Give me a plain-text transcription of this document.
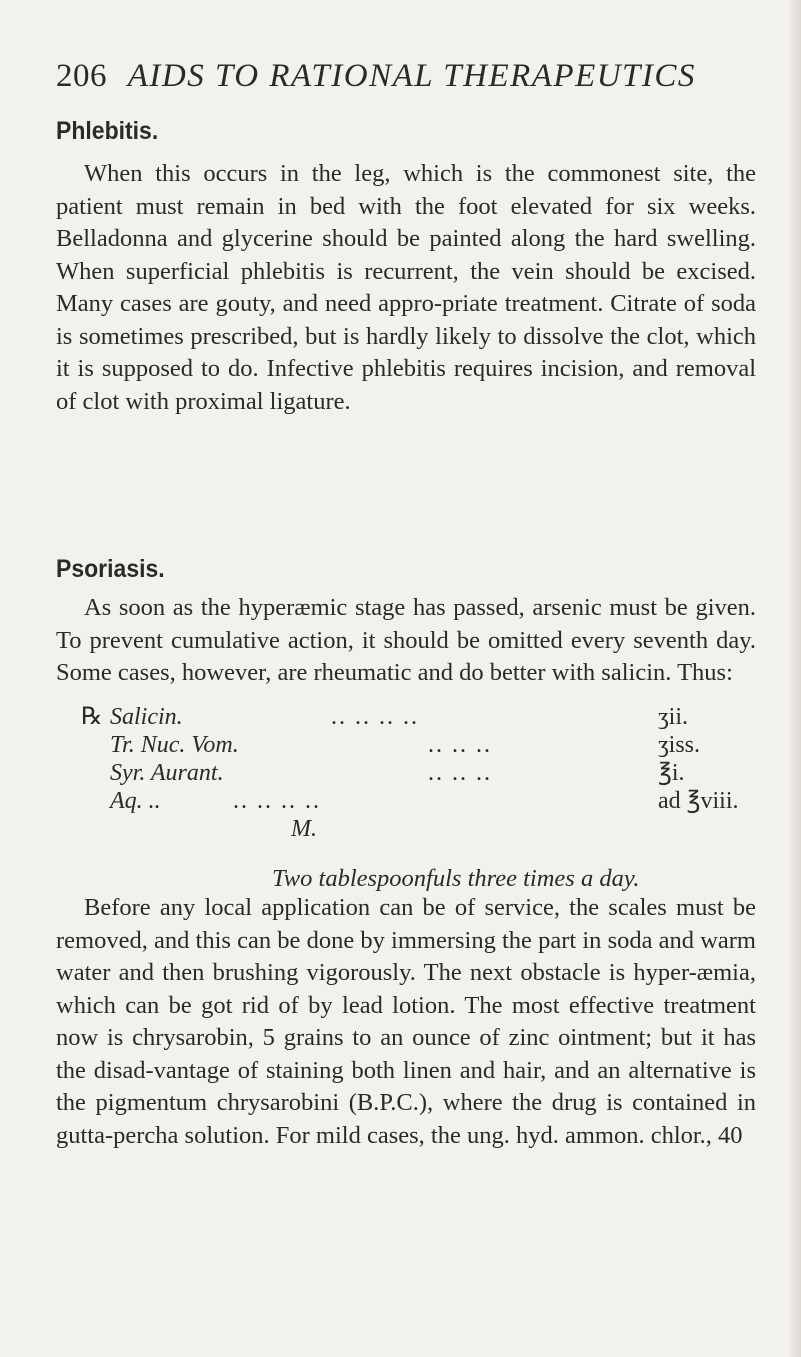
206 AIDS TO RATIONAL THERAPEUTICS
Phlebitis.

When this occurs in the leg, which is the commonest site, the patient must remain in bed with the foot elevated for six weeks. Belladonna and glycerine should be painted along the hard swelling. When superficial phlebitis is recurrent, the vein should be excised. Many cases are gouty, and need appro-priate treatment. Citrate of soda is sometimes prescribed, but is hardly likely to dissolve the clot, which it is supposed to do. Infective phlebitis requires incision, and removal of clot with proximal ligature.

Psoriasis.

As soon as the hyperæmic stage has passed, arsenic must be given. To prevent cumulative action, it should be omitted every seventh day. Some cases, however, are rheumatic and do better with salicin. Thus:

℞ Salicin.	.. .. .. ..	ʒii.
Tr. Nuc. Vom.	.. .. ..	ʒiss.
Syr. Aurant.	.. .. ..	℥i.
Aq. ..	.. .. .. ..	ad ℥viii.
M.
Two tablespoonfuls three times a day.

Before any local application can be of service, the scales must be removed, and this can be done by immersing the part in soda and warm water and then brushing vigorously. The next obstacle is hyper-æmia, which can be got rid of by lead lotion. The most effective treatment now is chrysarobin, 5 grains to an ounce of zinc ointment; but it has the disad-vantage of staining both linen and hair, and an alternative is the pigmentum chrysarobini (B.P.C.), where the drug is contained in gutta-percha solution. For mild cases, the ung. hyd. ammon. chlor., 40
